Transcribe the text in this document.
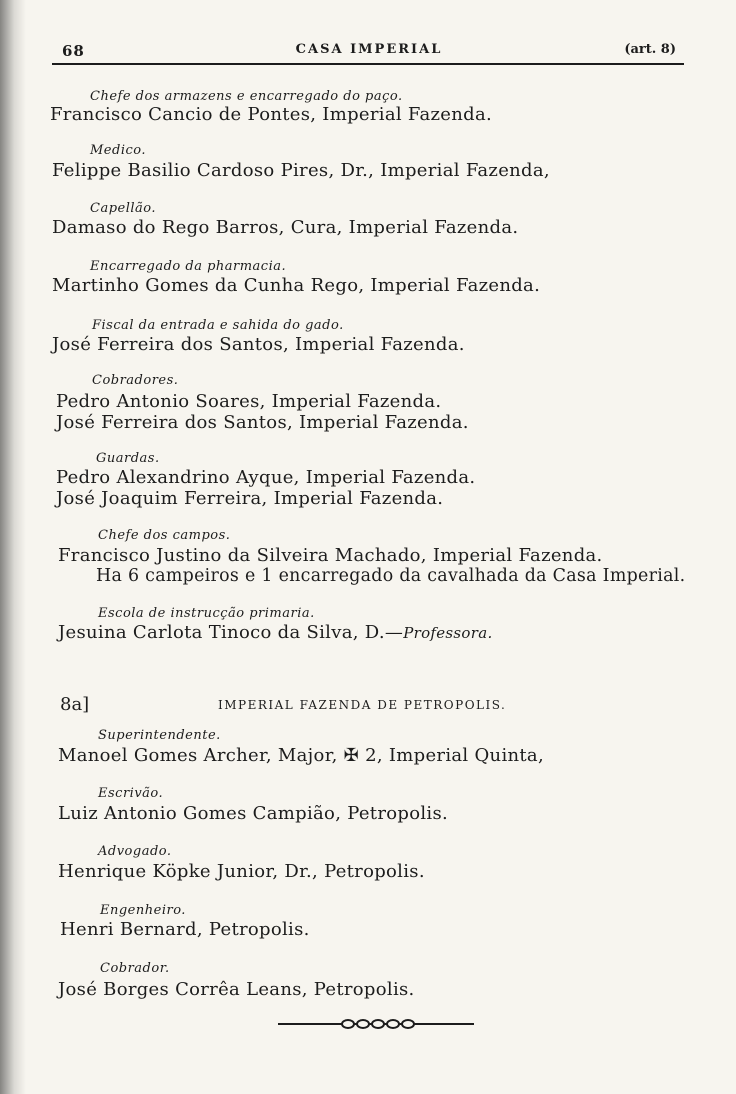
68	CASA IMPERIAL	(art. 8)
Chefe dos armazens e encarregado do paço.
Francisco Cancio de Pontes, Imperial Fazenda.
Medico.
Felippe Basilio Cardoso Pires, Dr., Imperial Fazenda,
Capellão.
Damaso do Rego Barros, Cura, Imperial Fazenda.
Encarregado da pharmacia.
Martinho Gomes da Cunha Rego, Imperial Fazenda.
Fiscal da entrada e sahida do gado.
José Ferreira dos Santos, Imperial Fazenda.
Cobradores.
Pedro Antonio Soares, Imperial Fazenda.
José Ferreira dos Santos, Imperial Fazenda.
Guardas.
Pedro Alexandrino Ayque, Imperial Fazenda.
José Joaquim Ferreira, Imperial Fazenda.
Chefe dos campos.
Francisco Justino da Silveira Machado, Imperial Fazenda.
Ha 6 campeiros e 1 encarregado da cavalhada da Casa Imperial.
Escola de instrucção primaria.
Jesuina Carlota Tinoco da Silva, D.—Professora.
8a]	IMPERIAL FAZENDA DE PETROPOLIS.
Superintendente.
Manoel Gomes Archer, Major, ✠ 2, Imperial Quinta,
Escrivão.
Luiz Antonio Gomes Campião, Petropolis.
Advogado.
Henrique Köpke Junior, Dr., Petropolis.
Engenheiro.
Henri Bernard, Petropolis.
Cobrador.
José Borges Corrêa Leans, Petropolis.
